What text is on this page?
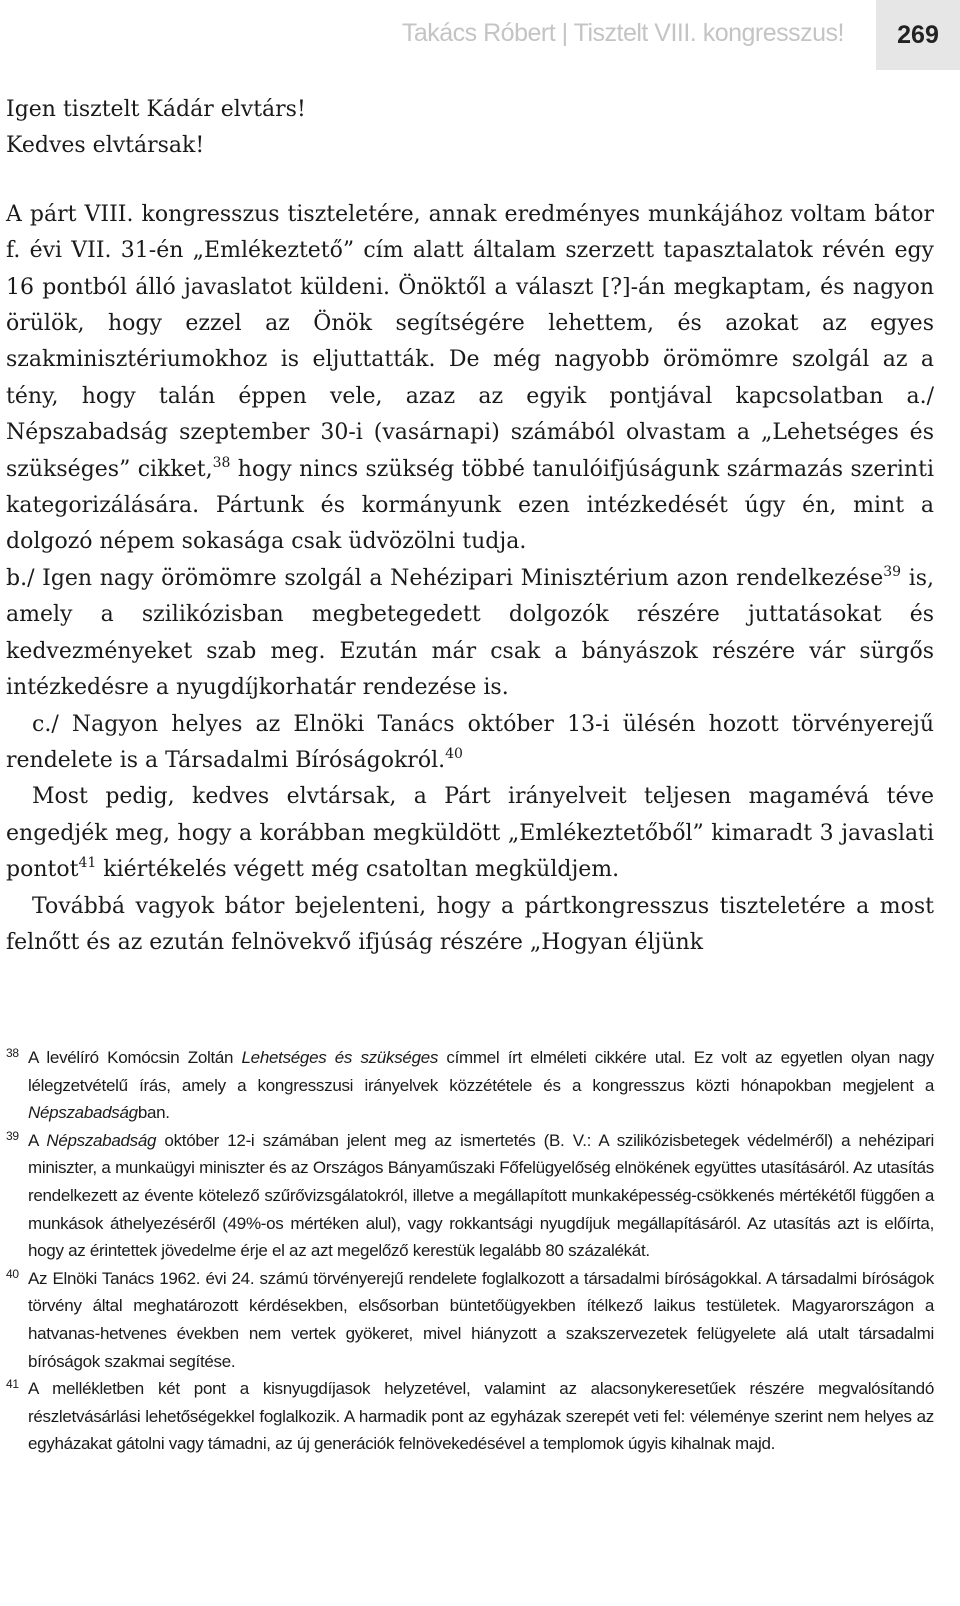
Takács Róbert | Tisztelt VIII. kongresszus! 269

Igen tisztelt Kádár elvtárs!

Kedves elvtársak!

A párt VIII. kongresszus tiszteletére, annak eredményes munkájához voltam bátor f. évi VII. 31-én „Emlékeztető” cím alatt általam szerzett tapasztalatok révén egy 16 pontból álló javaslatot küldeni. Önöktől a választ [?]-án megkaptam, és nagyon örülök, hogy ezzel az Önök segítségére lehettem, és azokat az egyes szakminisztériumokhoz is eljuttatták. De még nagyobb örömömre szolgál az a tény, hogy talán éppen vele, azaz az egyik pontjával kapcsolatban a./ Népszabadság szeptember 30-i (vasárnapi) számából olvastam a „Lehetséges és szükséges” cikket,$^{38}$ hogy nincs szükség többé tanulóifjúságunk származás szerinti kategorizálására. Pártunk és kormányunk ezen intézkedését úgy én, mint a dolgozó népem sokasága csak üdvözölni tudja.

b./ Igen nagy örömömre szolgál a Nehézipari Minisztérium azon rendelkezése$^{39}$ is, amely a szilikózisban megbetegedett dolgozók részére juttatásokat és kedvezményeket szab meg. Ezután már csak a bányászok részére vár sürgős intézkedésre a nyugdíjkorhatár rendezése is.

c./ Nagyon helyes az Elnöki Tanács október 13-i ülésén hozott törvényerejű rendelete is a Társadalmi Bíróságokról.$^{40}$

Most pedig, kedves elvtársak, a Párt irányelveit teljesen magamévá téve engedjék meg, hogy a korábban megküldött „Emlékeztetőből” kimaradt 3 javaslati pontot$^{41}$ kiértékelés végett még csatoltan megküldjem.

Továbbá vagyok bátor bejelenteni, hogy a pártkongresszus tiszteletére a most felnőtt és az ezután felnövekvő ifjúság részére „Hogyan éljünk

38 A levélíró Komócsin Zoltán Lehetséges és szükséges címmel írt elméleti cikkére utal. Ez volt az egyetlen olyan nagy lélegzetvételű írás, amely a kongresszusi irányelvek közzététele és a kongresszus közti hónapokban megjelent a Népszabadságban.

39 A Népszabadság október 12-i számában jelent meg az ismertetés (B. V.: A szilikózisbetegek védelméről) a nehézipari miniszter, a munkaügyi miniszter és az Országos Bányaműszaki Főfelügyelőség elnökének együttes utasításáról. Az utasítás rendelkezett az évente kötelező szűrővizsgálatokról, illetve a megállapított munkaképesség-csökkenés mértékétől függően a munkások áthelyezéséről (49%-os mértéken alul), vagy rokkantsági nyugdíjuk megállapításáról. Az utasítás azt is előírta, hogy az érintettek jövedelme érje el az azt megelőző kerestük legalább 80 százalékát.

40 Az Elnöki Tanács 1962. évi 24. számú törvényerejű rendelete foglalkozott a társadalmi bíróságokkal. A társadalmi bíróságok törvény által meghatározott kérdésekben, elsősorban büntetőügyekben ítélkező laikus testületek. Magyarországon a hatvanas-hetvenes években nem vertek gyökeret, mivel hiányzott a szakszervezetek felügyelete alá utalt társadalmi bíróságok szakmai segítése.

41 A mellékletben két pont a kisnyugdíjasok helyzetével, valamint az alacsonykeresetűek részére megvalósítandó részletvásárlási lehetőségekkel foglalkozik. A harmadik pont az egyházak szerepét veti fel: véleménye szerint nem helyes az egyházakat gátolni vagy támadni, az új generációk felnövekedésével a templomok úgyis kihalnak majd.
